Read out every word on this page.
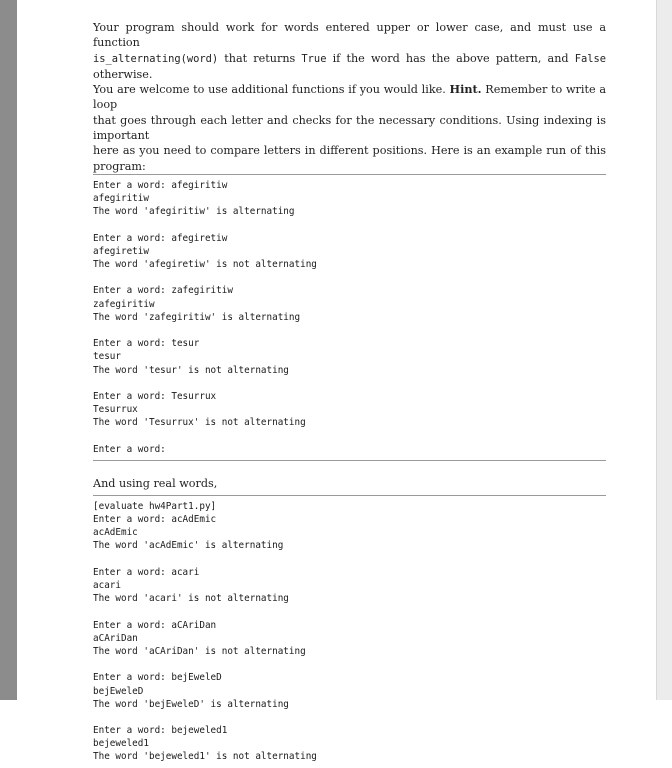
Your program should work for words entered upper or lower case, and must use a function

is_alternating(word) that returns True if the word has the above pattern, and False otherwise.

You are welcome to use additional functions if you would like. Hint. Remember to write a loop

that goes through each letter and checks for the necessary conditions. Using indexing is important

here as you need to compare letters in different positions. Here is an example run of this program:

Enter a word: afegiritiw
afegiritiw
The word 'afegiritiw' is alternating
Enter a word: afegiretiw
afegiretiw
The word 'afegiretiw' is not alternating
Enter a word: zafegiritiw
zafegiritiw
The word 'zafegiritiw' is alternating
Enter a word: tesur
tesur
The word 'tesur' is not alternating
Enter a word: Tesurrux
Tesurrux
The word 'Tesurrux' is not alternating
Enter a word:

And using real words,

[evaluate hw4Part1.py]
Enter a word: acAdEmic
acAdEmic
The word 'acAdEmic' is alternating
Enter a word: acari
acari
The word 'acari' is not alternating
Enter a word: aCAriDan
aCAriDan
The word 'aCAriDan' is not alternating
Enter a word: bejEweleD
bejEweleD
The word 'bejEweleD' is alternating
Enter a word: bejeweled1
bejeweled1
The word 'bejeweled1' is not alternating
